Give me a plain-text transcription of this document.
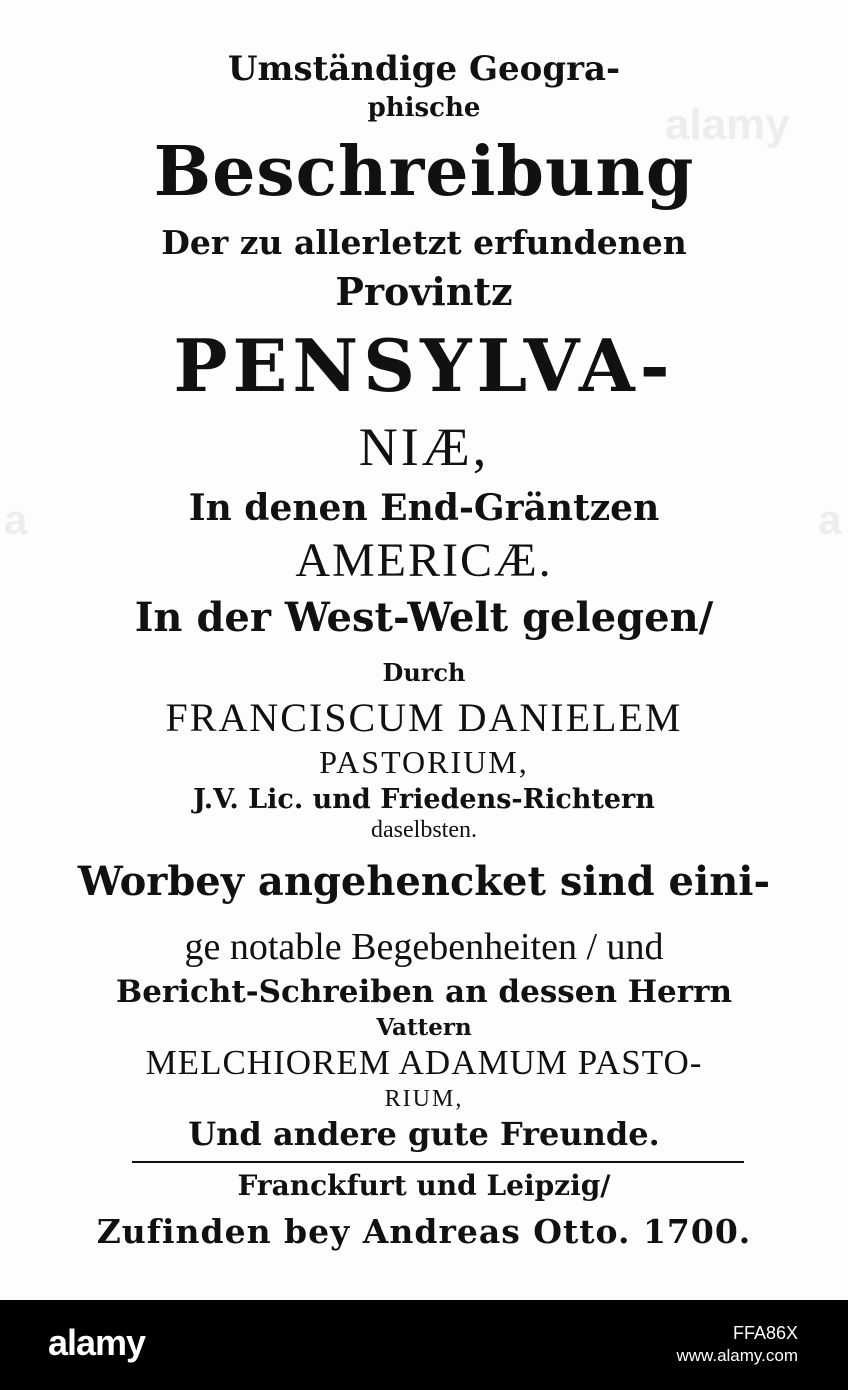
alamy
a	a
Umständige Geogra-
phische
Beschreibung
Der zu allerletzt erfundenen
Provintz
PENSYLVA-
NIÆ,
In denen End-Gräntzen
AMERICÆ.
In der West-Welt gelegen/
Durch
FRANCISCUM DANIELEM
PASTORIUM,
J.V. Lic. und Friedens-Richtern
daselbsten.
Worbey angehencket sind eini-
ge notable Begebenheiten / und
Bericht-Schreiben an dessen Herrn
Vattern
MELCHIOREM ADAMUM PASTO-
RIUM,
Und andere gute Freunde.
Franckfurt und Leipzig/
Zufinden bey Andreas Otto. 1700.
alamy	FFA86X
www.alamy.com
